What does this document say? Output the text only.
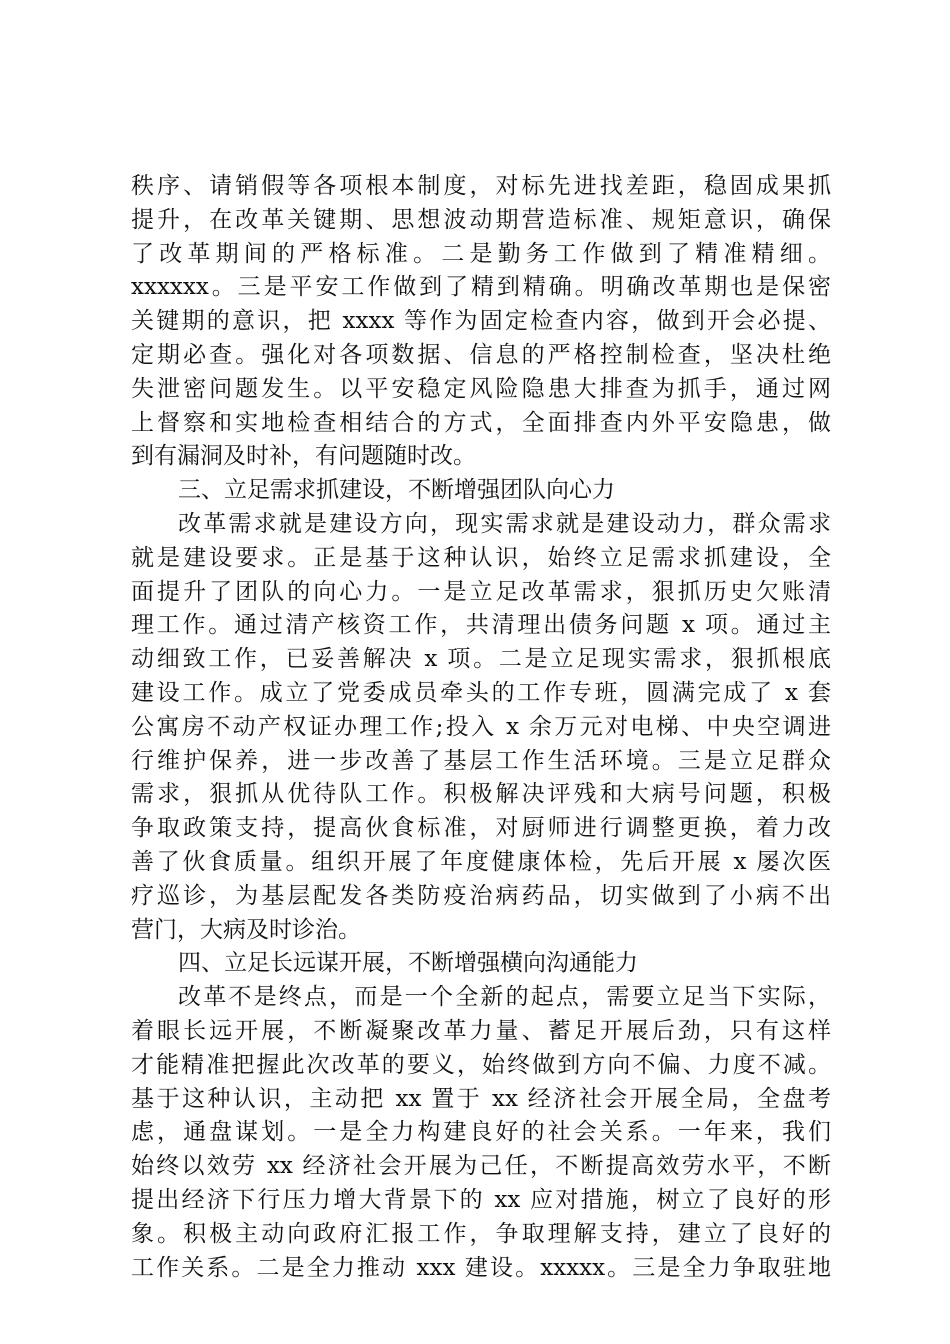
秩序、请销假等各项根本制度，对标先进找差距，稳固成果抓
提升，在改革关键期、思想波动期营造标准、规矩意识，确保
了改革期间的严格标准。二是勤务工作做到了精准精细。
xxxxxx。三是平安工作做到了精到精确。明确改革期也是保密
关键期的意识，把 xxxx 等作为固定检查内容，做到开会必提、
定期必查。强化对各项数据、信息的严格控制检查，坚决杜绝
失泄密问题发生。以平安稳定风险隐患大排查为抓手，通过网
上督察和实地检查相结合的方式，全面排查内外平安隐患，做
到有漏洞及时补，有问题随时改。
三、立足需求抓建设，不断增强团队向心力
改革需求就是建设方向，现实需求就是建设动力，群众需求
就是建设要求。正是基于这种认识，始终立足需求抓建设，全
面提升了团队的向心力。一是立足改革需求，狠抓历史欠账清
理工作。通过清产核资工作，共清理出债务问题 x 项。通过主
动细致工作，已妥善解决 x 项。二是立足现实需求，狠抓根底
建设工作。成立了党委成员牵头的工作专班，圆满完成了 x 套
公寓房不动产权证办理工作;投入 x 余万元对电梯、中央空调进
行维护保养，进一步改善了基层工作生活环境。三是立足群众
需求，狠抓从优待队工作。积极解决评残和大病号问题，积极
争取政策支持，提高伙食标准，对厨师进行调整更换，着力改
善了伙食质量。组织开展了年度健康体检，先后开展 x 屡次医
疗巡诊，为基层配发各类防疫治病药品，切实做到了小病不出
营门，大病及时诊治。
四、立足长远谋开展，不断增强横向沟通能力
改革不是终点，而是一个全新的起点，需要立足当下实际，
着眼长远开展，不断凝聚改革力量、蓄足开展后劲，只有这样
才能精准把握此次改革的要义，始终做到方向不偏、力度不减。
基于这种认识，主动把 xx 置于 xx 经济社会开展全局，全盘考
虑，通盘谋划。一是全力构建良好的社会关系。一年来，我们
始终以效劳 xx 经济社会开展为己任，不断提高效劳水平，不断
提出经济下行压力增大背景下的 xx 应对措施，树立了良好的形
象。积极主动向政府汇报工作，争取理解支持，建立了良好的
工作关系。二是全力推动 xxx 建设。xxxxx。三是全力争取驻地
